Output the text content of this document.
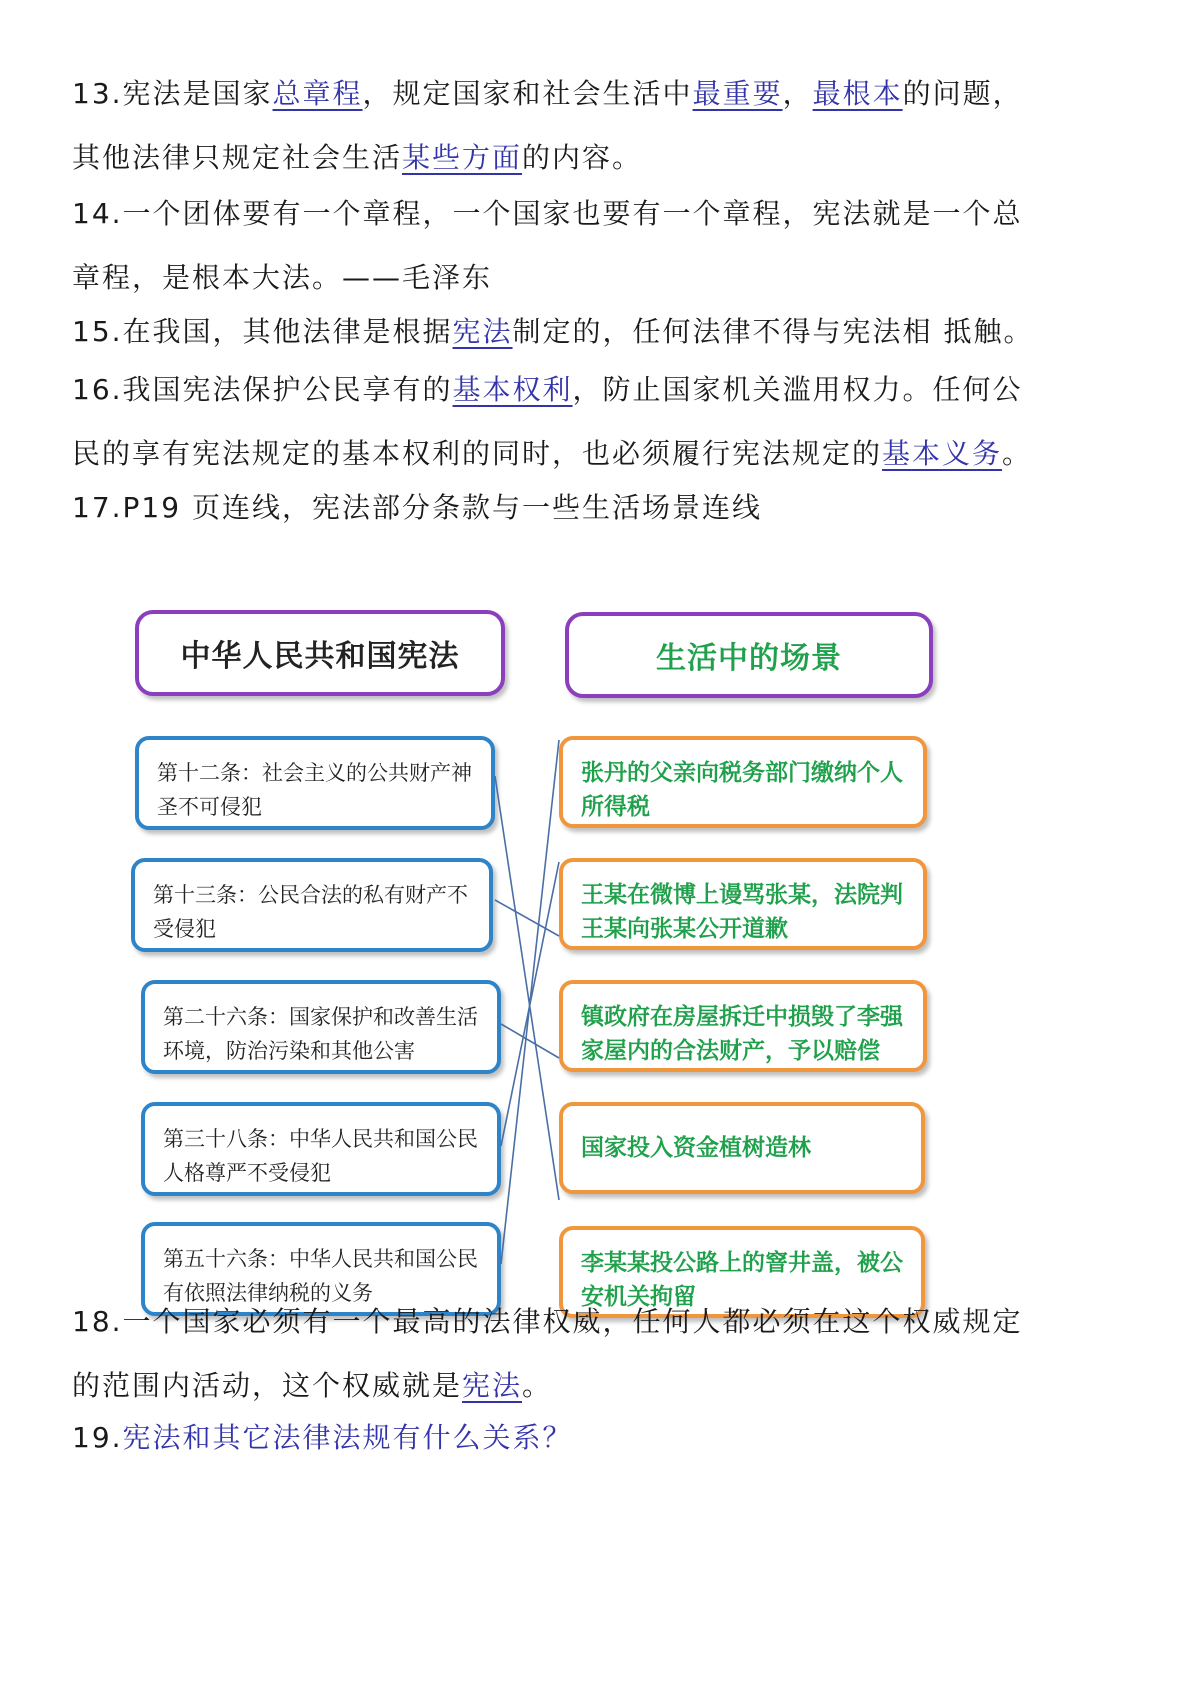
13.宪法是国家总章程，规定国家和社会生活中最重要，最根本的问题，
其他法律只规定社会生活某些方面的内容。

14.一个团体要有一个章程，一个国家也要有一个章程，宪法就是一个总
章程，是根本大法。——毛泽东

15.在我国，其他法律是根据宪法制定的，任何法律不得与宪法相 抵触。

16.我国宪法保护公民享有的基本权利，防止国家机关滥用权力。任何公
民的享有宪法规定的基本权利的同时，也必须履行宪法规定的基本义务。

17.P19 页连线，宪法部分条款与一些生活场景连线

中华人民共和国宪法	生活中的场景
第十二条：社会主义的公共财产神圣不可侵犯
第十三条：公民合法的私有财产不受侵犯
第二十六条：国家保护和改善生活环境，防治污染和其他公害
第三十八条：中华人民共和国公民人格尊严不受侵犯
第五十六条：中华人民共和国公民有依照法律纳税的义务
张丹的父亲向税务部门缴纳个人所得税
王某在微博上谩骂张某，法院判王某向张某公开道歉
镇政府在房屋拆迁中损毁了李强家屋内的合法财产，予以赔偿
国家投入资金植树造林
李某某投公路上的窨井盖，被公安机关拘留

18.一个国家必须有一个最高的法律权威，任何人都必须在这个权威规定
的范围内活动，这个权威就是宪法。

19.宪法和其它法律法规有什么关系？
